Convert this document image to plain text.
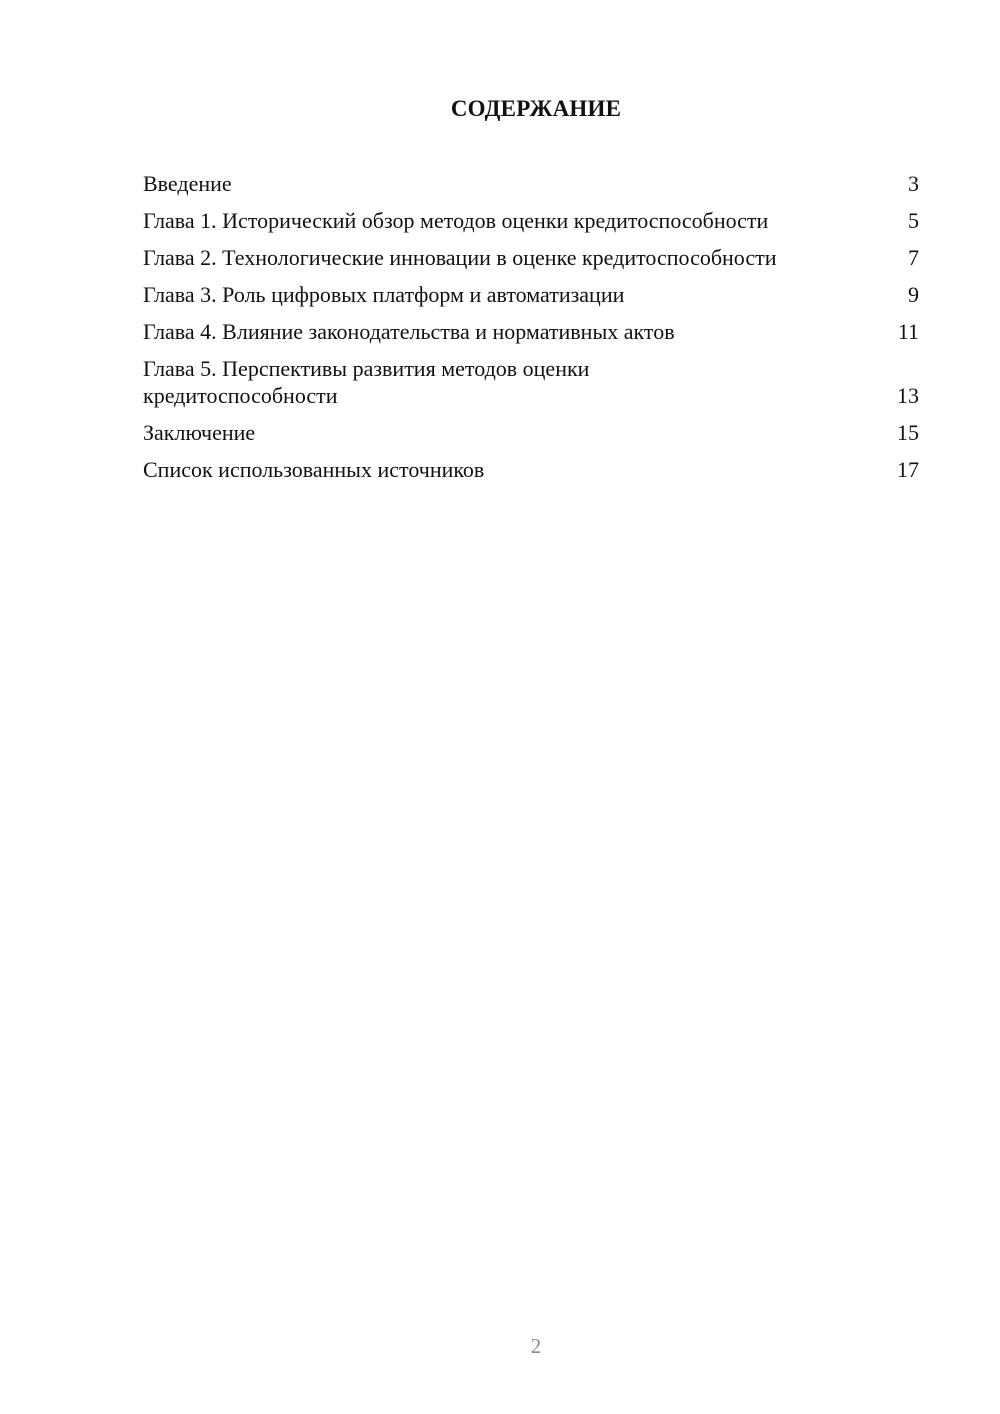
СОДЕРЖАНИЕ
Введение	3
Глава 1. Исторический обзор методов оценки кредитоспособности	5
Глава 2. Технологические инновации в оценке кредитоспособности	7
Глава 3. Роль цифровых платформ и автоматизации	9
Глава 4. Влияние законодательства и нормативных актов	11
Глава 5. Перспективы развития методов оценки кредитоспособности	13
Заключение	15
Список использованных источников	17
2
